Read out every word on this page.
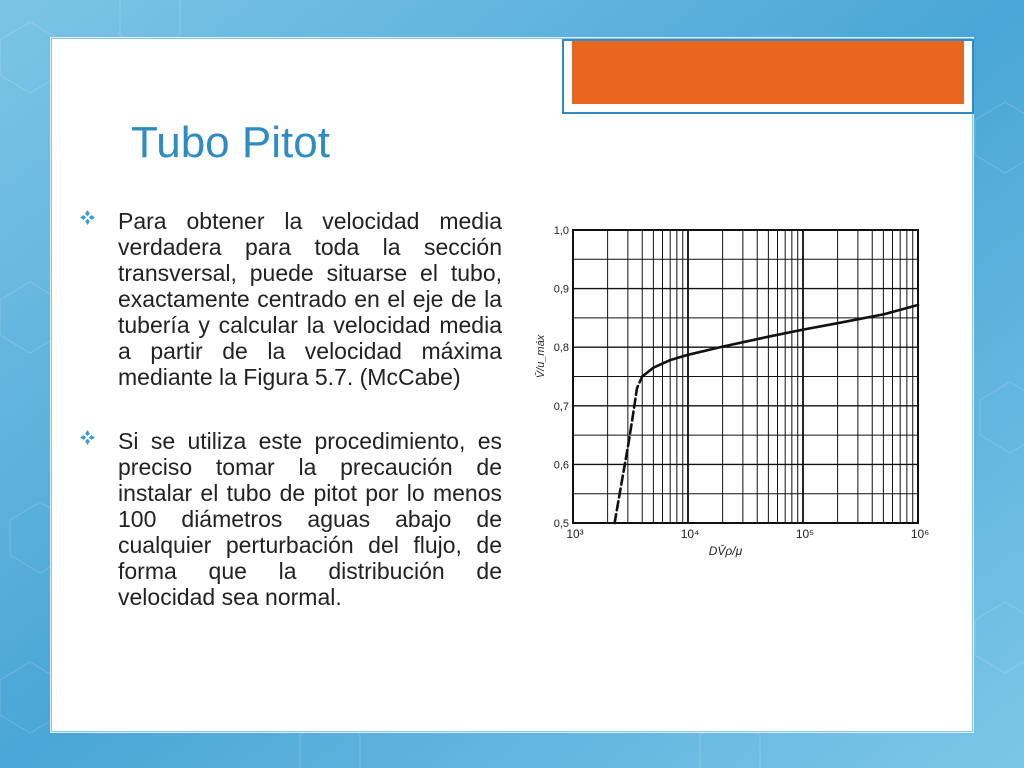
Tubo Pitot

Para obtener la velocidad media verdadera para toda la sección transversal, puede situarse el tubo, exactamente centrado en el eje de la tubería y calcular la velocidad media a partir de la velocidad máxima mediante la Figura 5.7. (McCabe)

Si se utiliza este procedimiento, es preciso tomar la precaución de instalar el tubo de pitot por lo menos 100 diámetros aguas abajo de cualquier perturbación del flujo, de forma que la distribución de velocidad sea normal.

0,5
0,6
0,7
0,8
0,9
1,0
10³	10⁴	10⁵	10⁶
DV̄ρ/μ
V̄/u_máx
